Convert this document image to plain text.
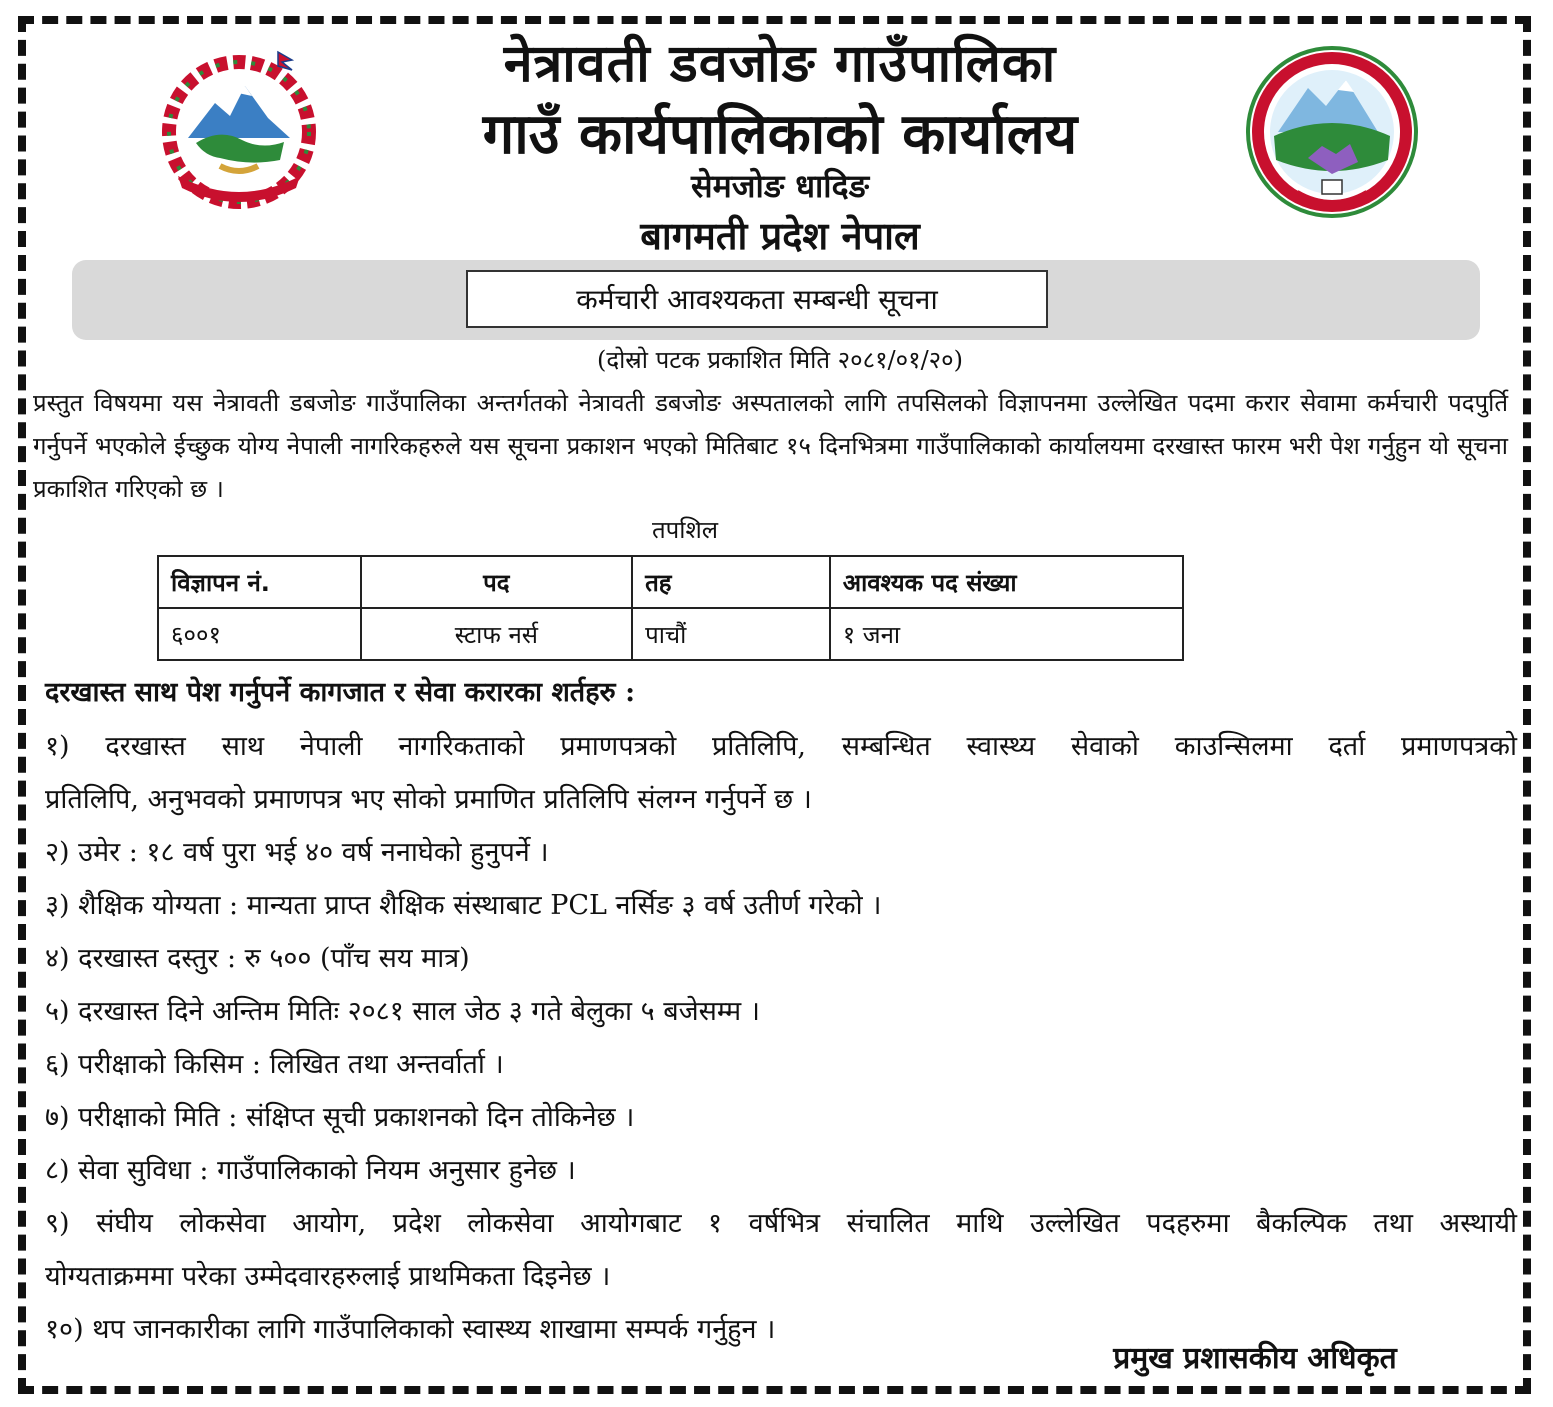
नेत्रावती डवजोङ गाउँपालिका
गाउँ कार्यपालिकाको कार्यालय
सेमजोङ धादिङ
बागमती प्रदेश नेपाल
कर्मचारी आवश्यकता सम्बन्धी सूचना
(दोस्रो पटक प्रकाशित मिति २०८१/०१/२०)
प्रस्तुत विषयमा यस नेत्रावती डबजोङ गाउँपालिका अन्तर्गतको नेत्रावती डबजोङ अस्पतालको लागि तपसिलको विज्ञापनमा उल्लेखित पदमा करार सेवामा कर्मचारी पदपुर्ति गर्नुपर्ने भएकोले ईच्छुक योग्य नेपाली नागरिकहरुले यस सूचना प्रकाशन भएको मितिबाट १५ दिनभित्रमा गाउँपालिकाको कार्यालयमा दरखास्त फारम भरी पेश गर्नुहुन यो सूचना प्रकाशित गरिएको छ ।
तपशिल
विज्ञापन नं.	पद	तह	आवश्यक पद संख्या
६००१	स्टाफ नर्स	पाचौं	१ जना
दरखास्त साथ पेश गर्नुपर्ने कागजात र सेवा करारका शर्तहरु :
१) दरखास्त साथ नेपाली नागरिकताको प्रमाणपत्रको प्रतिलिपि, सम्बन्धित स्वास्थ्य सेवाको काउन्सिलमा दर्ता प्रमाणपत्रको
प्रतिलिपि, अनुभवको प्रमाणपत्र भए सोको प्रमाणित प्रतिलिपि संलग्न गर्नुपर्ने छ ।
२) उमेर : १८ वर्ष पुरा भई ४० वर्ष ननाघेको हुनुपर्ने ।
३) शैक्षिक योग्यता : मान्यता प्राप्त शैक्षिक संस्थाबाट PCL नर्सिङ ३ वर्ष उतीर्ण गरेको ।
४) दरखास्त दस्तुर : रु ५०० (पाँच सय मात्र)
५) दरखास्त दिने अन्तिम मितिः २०८१ साल जेठ ३ गते बेलुका ५ बजेसम्म ।
६) परीक्षाको किसिम : लिखित तथा अन्तर्वार्ता ।
७) परीक्षाको मिति : संक्षिप्त सूची प्रकाशनको दिन तोकिनेछ ।
८) सेवा सुविधा : गाउँपालिकाको नियम अनुसार हुनेछ ।
९) संघीय लोकसेवा आयोग, प्रदेश लोकसेवा आयोगबाट १ वर्षभित्र संचालित माथि उल्लेखित पदहरुमा बैकल्पिक तथा अस्थायी
योग्यताक्रममा परेका उम्मेदवारहरुलाई प्राथमिकता दिइनेछ ।
१०) थप जानकारीका लागि गाउँपालिकाको स्वास्थ्य शाखामा सम्पर्क गर्नुहुन ।
प्रमुख प्रशासकीय अधिकृत
